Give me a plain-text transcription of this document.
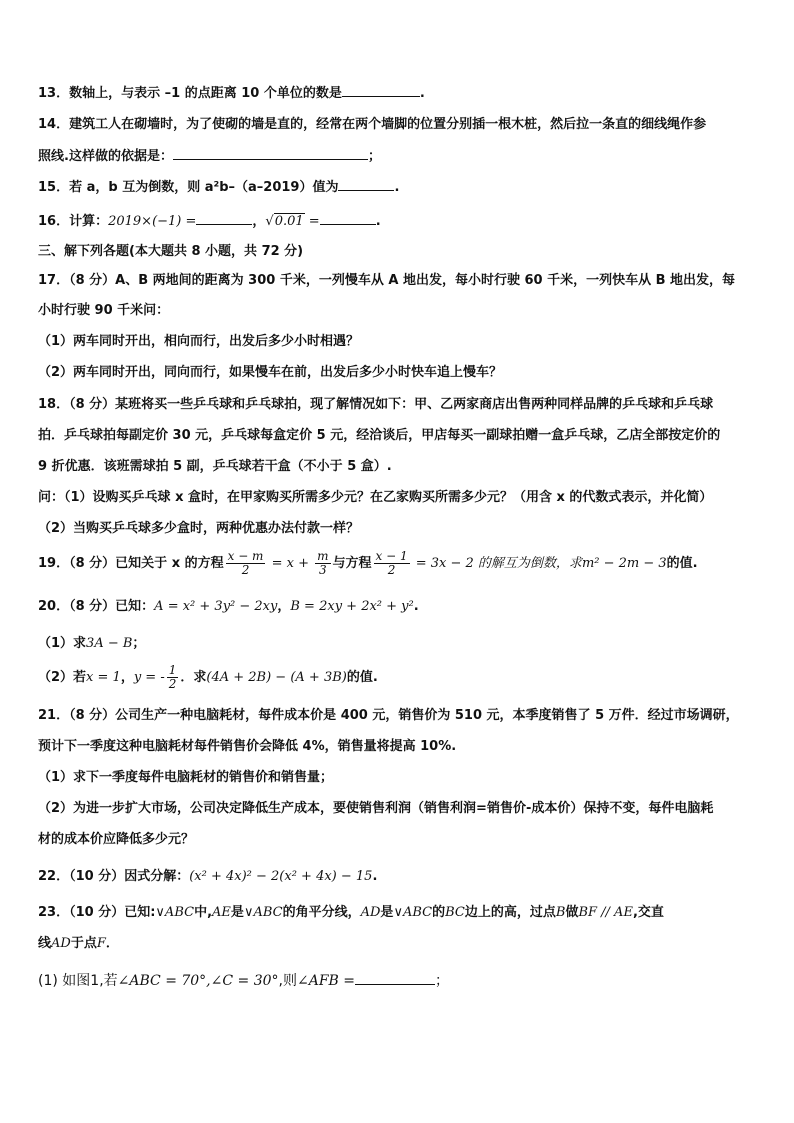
13．数轴上，与表示 –1 的点距离 10 个单位的数是	.
14．建筑工人在砌墙时，为了使砌的墙是直的，经常在两个墙脚的位置分别插一根木桩，然后拉一条直的细线绳作参
照线.这样做的依据是：	；
15．若 a，b 互为倒数，则 a²b–（a–2019）值为	.
16．计算：2019×(−1) =	，√0.01 =	.
三、解下列各题(本大题共 8 小题，共 72 分)
17．（8 分）A、B 两地间的距离为 300 千米，一列慢车从 A 地出发，每小时行驶 60 千米，一列快车从 B 地出发，每
小时行驶 90 千米问：
（1）两车同时开出，相向而行，出发后多少小时相遇？
（2）两车同时开出，同向而行，如果慢车在前，出发后多少小时快车追上慢车？
18．（8 分）某班将买一些乒乓球和乒乓球拍，现了解情况如下：甲、乙两家商店出售两种同样品牌的乒乓球和乒乓球
拍．乒乓球拍每副定价 30 元，乒乓球每盒定价 5 元，经洽谈后，甲店每买一副球拍赠一盒乒乓球，乙店全部按定价的
9 折优惠．该班需球拍 5 副，乒乓球若干盒（不小于 5 盒）.
问：（1）设购买乒乓球 x 盒时，在甲家购买所需多少元？在乙家购买所需多少元？（用含 x 的代数式表示，并化简）
（2）当购买乒乓球多少盒时，两种优惠办法付款一样？
19．（8 分）已知关于 x 的方程 $\frac{x - m}{2} = x + \frac{m}{3}$ 与方程 $\frac{x - 1}{2} = 3x - 2$ 的解互为倒数，求m² − 2m − 3的值.
20．（8 分）已知：A = x² + 3y² − 2xy，B = 2xy + 2x² + y².
（1）求3A − B；
（2）若x = 1，y = - $\frac{1}{2}$ ．求(4A + 2B) − (A + 3B)的值.
21．（8 分）公司生产一种电脑耗材，每件成本价是 400 元，销售价为 510 元，本季度销售了 5 万件．经过市场调研，
预计下一季度这种电脑耗材每件销售价会降低 4%，销售量将提高 10%.
（1）求下一季度每件电脑耗材的销售价和销售量；
（2）为进一步扩大市场，公司决定降低生产成本，要使销售利润（销售利润=销售价-成本价）保持不变，每件电脑耗
材的成本价应降低多少元？
22．（10 分）因式分解：(x² + 4x)² − 2(x² + 4x) − 15.
23．（10 分）已知:∨ABC中,AE是∨ABC的角平分线，AD是∨ABC的BC边上的高，过点B做BF // AE,交直
线AD于点F．
(1) 如图1,若∠ABC = 70°,∠C = 30°,则∠AFB =	；
